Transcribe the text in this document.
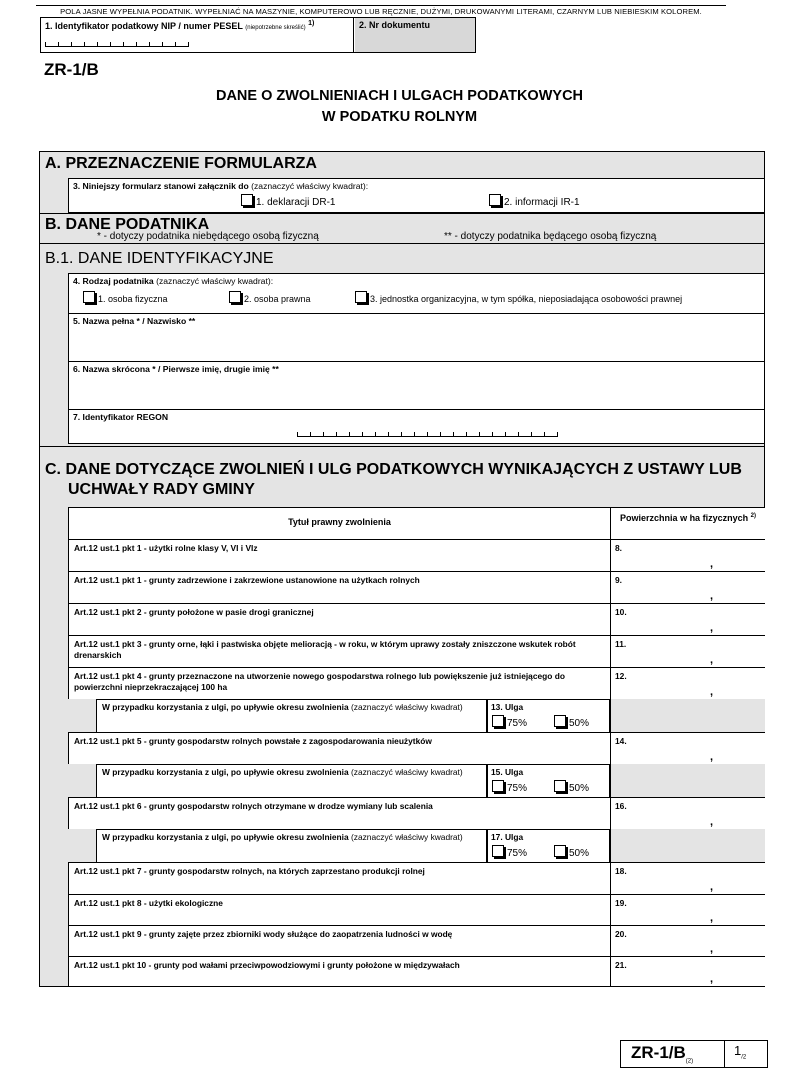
POLA JASNE WYPEŁNIA PODATNIK. WYPEŁNIAĆ NA MASZYNIE, KOMPUTEROWO LUB RĘCZNIE, DUŻYMI, DRUKOWANYMI LITERAMI, CZARNYM LUB NIEBIESKIM KOLOREM.
1. Identyfikator podatkowy NIP / numer PESEL (niepotrzebne skreślić) $^{1)}$	2. Nr dokumentu
ZR-1/B
DANE O ZWOLNIENIACH I ULGACH PODATKOWYCH
W PODATKU ROLNYM
A. PRZEZNACZENIE FORMULARZA
3. Niniejszy formularz stanowi załącznik do (zaznaczyć właściwy kwadrat):
1. deklaracji DR-1	2. informacji IR-1
B. DANE PODATNIKA
* - dotyczy podatnika niebędącego osobą fizyczną	** - dotyczy podatnika będącego osobą fizyczną
B.1. DANE IDENTYFIKACYJNE
4. Rodzaj podatnika (zaznaczyć właściwy kwadrat):
1. osoba fizyczna	2. osoba prawna	3. jednostka organizacyjna, w tym spółka, nieposiadająca osobowości prawnej
5. Nazwa pełna * / Nazwisko **
6. Nazwa skrócona * / Pierwsze imię, drugie imię **
7. Identyfikator REGON
C. DANE DOTYCZĄCE ZWOLNIEŃ I ULG PODATKOWYCH WYNIKAJĄCYCH Z USTAWY LUB
UCHWAŁY RADY GMINY
Tytuł prawny zwolnienia	Powierzchnia w ha fizycznych $^{2)}$
Art.12 ust.1 pkt 1 - użytki rolne klasy V, VI i VIz	8.
,
Art.12 ust.1 pkt 1 - grunty zadrzewione i zakrzewione ustanowione na użytkach rolnych	9.
,
Art.12 ust.1 pkt 2 - grunty położone w pasie drogi granicznej	10.
,
Art.12 ust.1 pkt 3 - grunty orne, łąki i pastwiska objęte melioracją - w roku, w którym uprawy zostały zniszczone wskutek robót drenarskich
11.
,
Art.12 ust.1 pkt 4 - grunty przeznaczone na utworzenie nowego gospodarstwa rolnego lub powiększenie już istniejącego do powierzchni nieprzekraczającej 100 ha
12.
,
W przypadku korzystania z ulgi, po upływie okresu zwolnienia (zaznaczyć właściwy kwadrat)	13. Ulga
75%	50%
Art.12 ust.1 pkt 5 - grunty gospodarstw rolnych powstałe z zagospodarowania nieużytków	14.
,
W przypadku korzystania z ulgi, po upływie okresu zwolnienia (zaznaczyć właściwy kwadrat)	15. Ulga
75%	50%
Art.12 ust.1 pkt 6 - grunty gospodarstw rolnych otrzymane w drodze wymiany lub scalenia	16.
,
W przypadku korzystania z ulgi, po upływie okresu zwolnienia (zaznaczyć właściwy kwadrat)	17. Ulga
75%	50%
Art.12 ust.1 pkt 7 - grunty gospodarstw rolnych, na których zaprzestano produkcji rolnej	18.
,
Art.12 ust.1 pkt 8 - użytki ekologiczne	19.
,
Art.12 ust.1 pkt 9 - grunty zajęte przez zbiorniki wody służące do zaopatrzenia ludności w wodę	20.
,
Art.12 ust.1 pkt 10 - grunty pod wałami przeciwpowodziowymi i grunty położone w międzywałach	21.
,
$ZR-1/B_{(2)}$
$1_{/2}$
